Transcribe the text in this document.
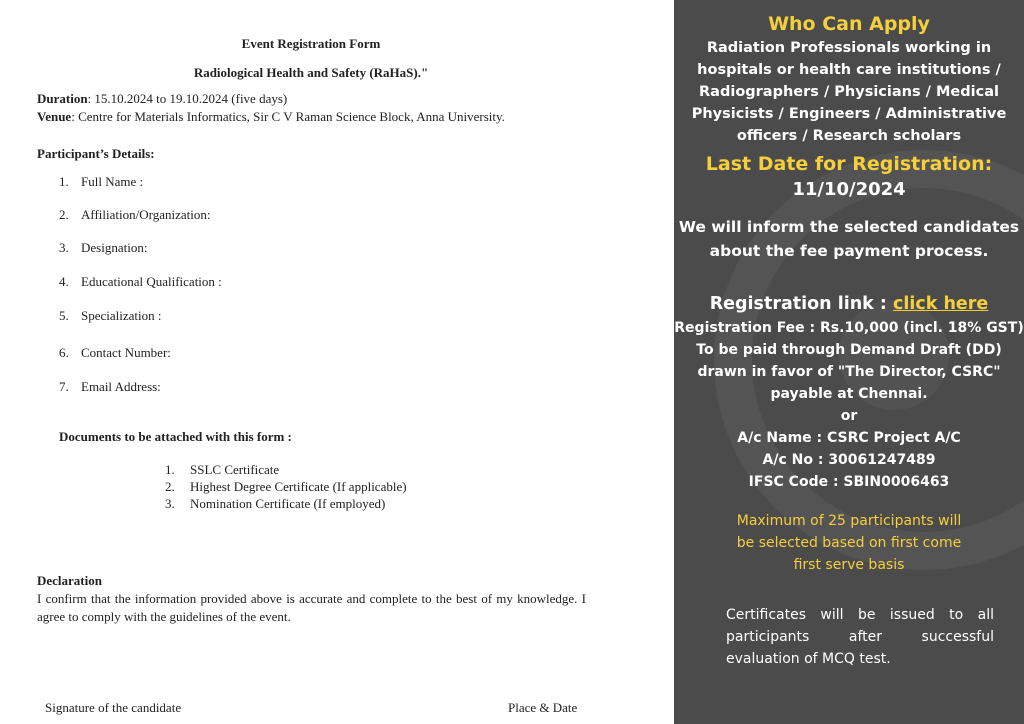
Event Registration Form
Radiological Health and Safety (RaHaS)."
Duration: 15.10.2024 to 19.10.2024 (five days)
Venue: Centre for Materials Informatics, Sir C V Raman Science Block, Anna University.
Participant’s Details:
1. Full Name :
2. Affiliation/Organization:
3. Designation:
4. Educational Qualification :
5. Specialization :
6. Contact Number:
7. Email Address:
Documents to be attached with this form :
1. SSLC Certificate
2. Highest Degree Certificate (If applicable)
3. Nomination Certificate (If employed)
Declaration
I confirm that the information provided above is accurate and complete to the best of my knowledge. I agree to comply with the guidelines of the event.
Signature of the candidate	Place & Date
Who Can Apply
Radiation Professionals working in
hospitals or health care institutions /
Radiographers / Physicians / Medical
Physicists / Engineers / Administrative
officers / Research scholars
Last Date for Registration:
11/10/2024
We will inform the selected candidates
about the fee payment process.
Registration link : click here
Registration Fee : Rs.10,000 (incl. 18% GST)
To be paid through Demand Draft (DD)
drawn in favor of "The Director, CSRC"
payable at Chennai.
or
A/c Name : CSRC Project A/C
A/c No : 30061247489
IFSC Code : SBIN0006463
Maximum of 25 participants will
be selected based on first come
first serve basis
Certificates will be issued to all participants after successful evaluation of MCQ test.
